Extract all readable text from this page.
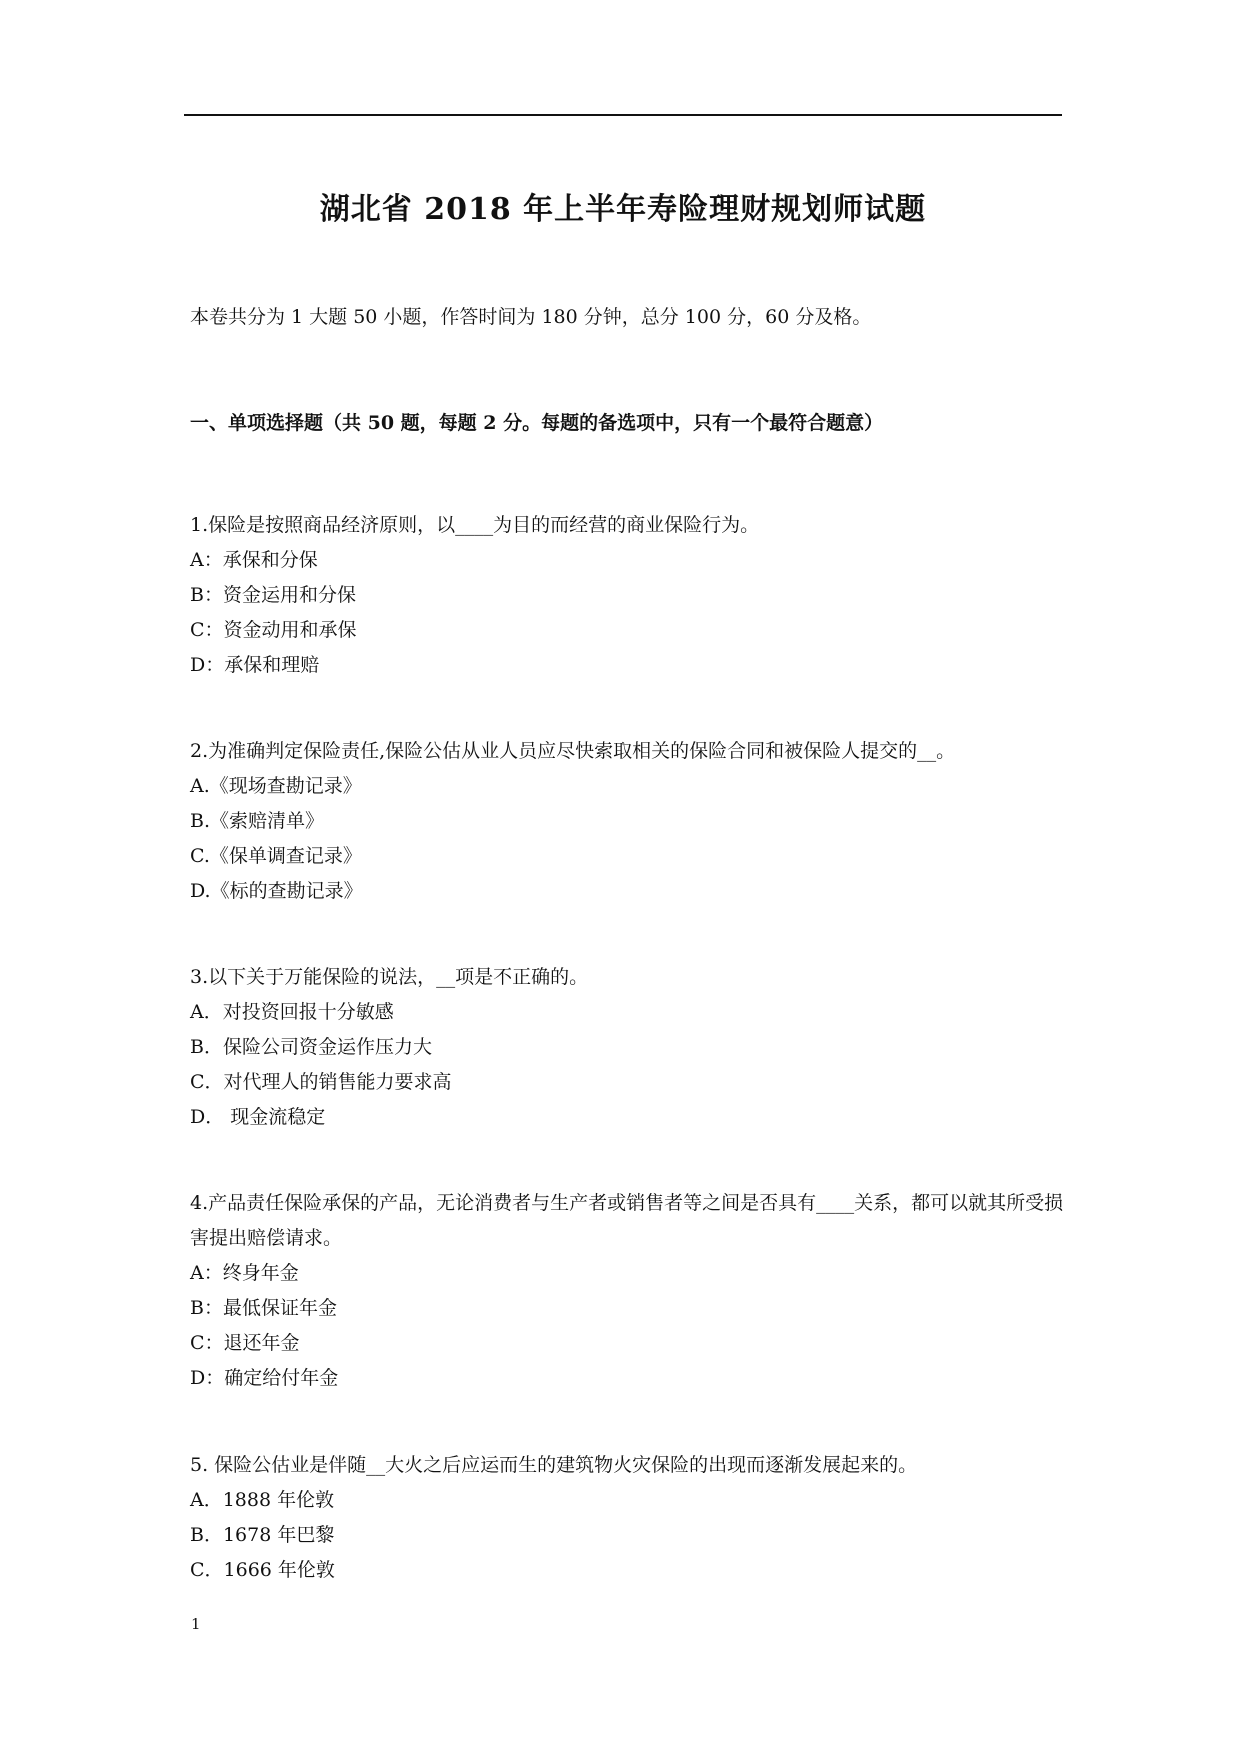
湖北省 2018 年上半年寿险理财规划师试题
本卷共分为 1 大题 50 小题，作答时间为 180 分钟，总分 100 分，60 分及格。
一、单项选择题（共 50 题，每题 2 分。每题的备选项中，只有一个最符合题意）
1.保险是按照商品经济原则，以____为目的而经营的商业保险行为。
A：承保和分保
B：资金运用和分保
C：资金动用和承保
D：承保和理赔
2.为准确判定保险责任,保险公估从业人员应尽快索取相关的保险合同和被保险人提交的__。
A.《现场查勘记录》
B.《索赔清单》
C.《保单调查记录》
D.《标的查勘记录》
3.以下关于万能保险的说法，__项是不正确的。
A．对投资回报十分敏感
B．保险公司资金运作压力大
C．对代理人的销售能力要求高
D． 现金流稳定
4.产品责任保险承保的产品，无论消费者与生产者或销售者等之间是否具有____关系，都可以就其所受损害提出赔偿请求。
A：终身年金
B：最低保证年金
C：退还年金
D：确定给付年金
5. 保险公估业是伴随__大火之后应运而生的建筑物火灾保险的出现而逐渐发展起来的。
A．1888 年伦敦
B．1678 年巴黎
C．1666 年伦敦
1
